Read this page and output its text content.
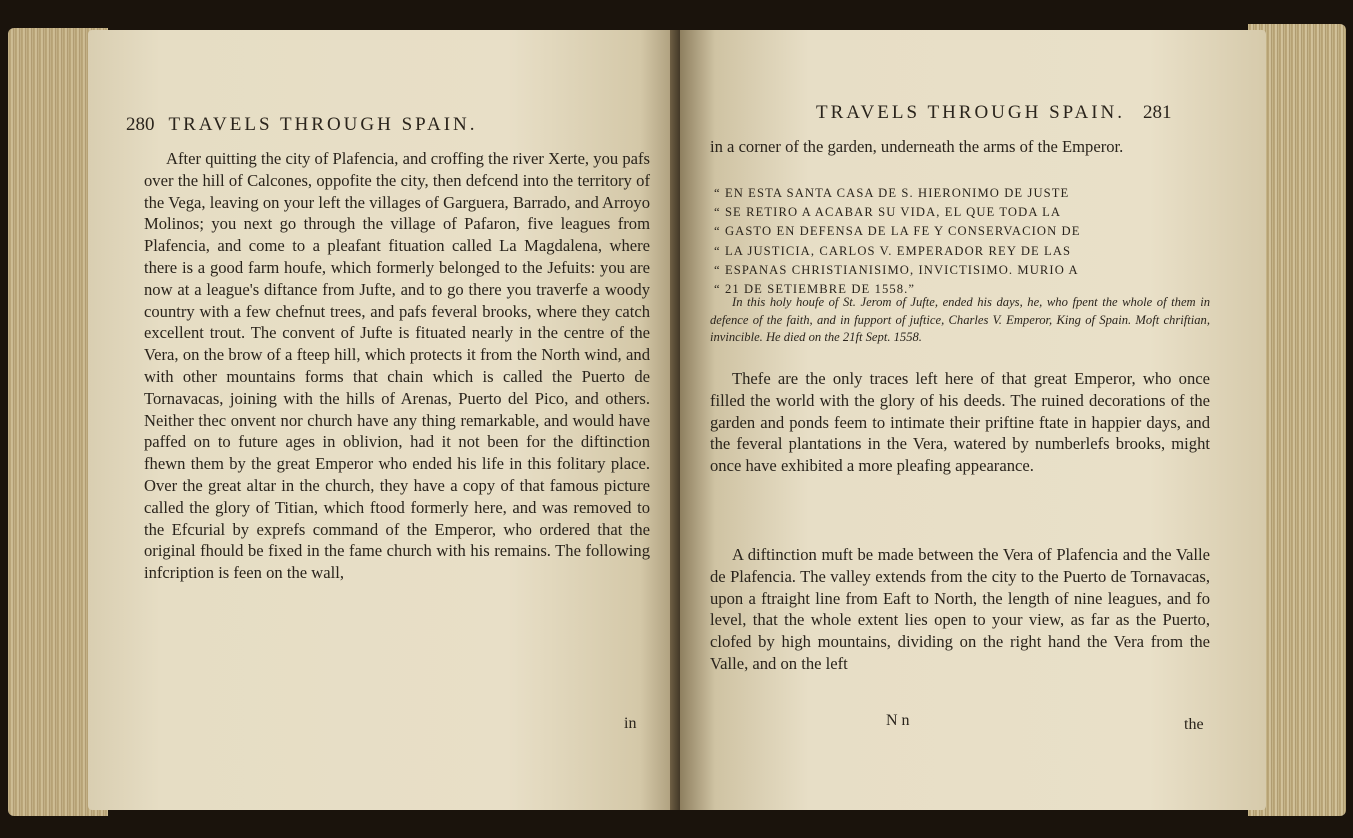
280 TRAVELS THROUGH SPAIN.

After quitting the city of Plafencia, and croffing the river Xerte, you pafs over the hill of Calcones, oppofite the city, then defcend into the territory of the Vega, leaving on your left the villages of Garguera, Barrado, and Arroyo Molinos; you next go through the village of Pafaron, five leagues from Plafencia, and come to a pleafant fituation called La Magdalena, where there is a good farm houfe, which formerly belonged to the Jefuits: you are now at a league's diftance from Jufte, and to go there you traverfe a woody country with a few chefnut trees, and pafs feveral brooks, where they catch excellent trout. The convent of Jufte is fituated nearly in the centre of the Vera, on the brow of a fteep hill, which protects it from the North wind, and with other mountains forms that chain which is called the Puerto de Tornavacas, joining with the hills of Arenas, Puerto del Pico, and others. Neither thec onvent nor church have any thing remarkable, and would have paffed on to future ages in oblivion, had it not been for the diftinction fhewn them by the great Emperor who ended his life in this folitary place. Over the great altar in the church, they have a copy of that famous picture called the glory of Titian, which ftood formerly here, and was removed to the Efcurial by exprefs command of the Emperor, who ordered that the original fhould be fixed in the fame church with his remains. The following infcription is feen on the wall,

in
TRAVELS THROUGH SPAIN. 281
in a corner of the garden, underneath the arms of the Emperor.
“ EN ESTA SANTA CASA DE S. HIERONIMO DE JUSTE
“ SE RETIRO A ACABAR SU VIDA, EL QUE TODA LA
“ GASTO EN DEFENSA DE LA FE Y CONSERVACION DE
“ LA JUSTICIA, CARLOS V. EMPERADOR REY DE LAS
“ ESPANAS CHRISTIANISIMO, INVICTISIMO. MURIO A
“ 21 DE SETIEMBRE DE 1558.”
In this holy houfe of St. Jerom of Jufte, ended his days, he, who fpent the whole of them in defence of the faith, and in fupport of juftice, Charles V. Emperor, King of Spain. Moft chriftian, invincible. He died on the 21ft Sept. 1558.
Thefe are the only traces left here of that great Emperor, who once filled the world with the glory of his deeds. The ruined decorations of the garden and ponds feem to intimate their priftine ftate in happier days, and the feveral plantations in the Vera, watered by numberlefs brooks, might once have exhibited a more pleafing appearance.
A diftinction muft be made between the Vera of Plafencia and the Valle de Plafencia. The valley extends from the city to the Puerto de Tornavacas, upon a ftraight line from Eaft to North, the length of nine leagues, and fo level, that the whole extent lies open to your view, as far as the Puerto, clofed by high mountains, dividing on the right hand the Vera from the Valle, and on the left
N n	the
